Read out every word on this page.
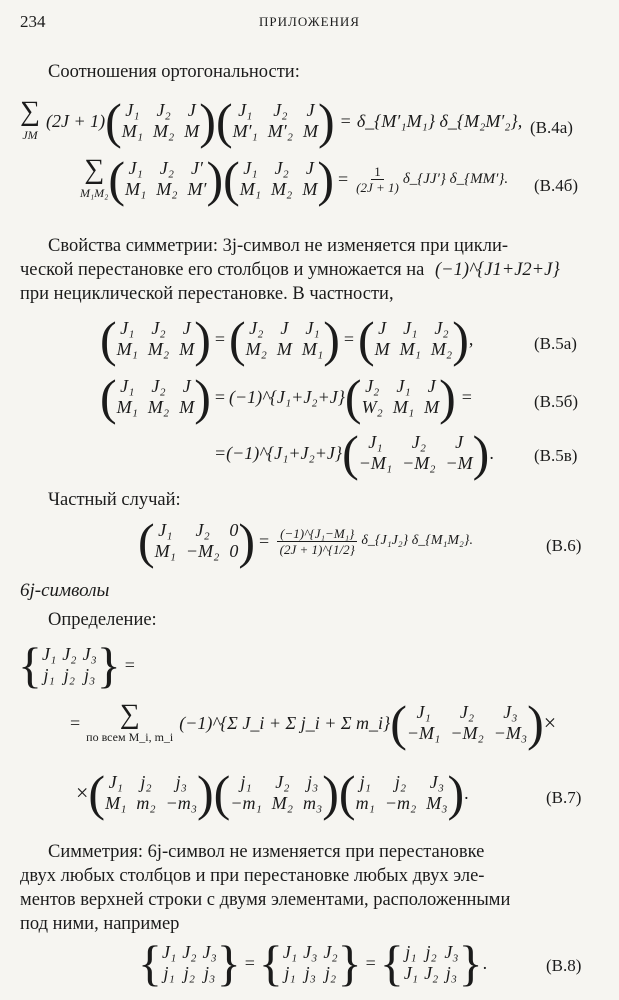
234	ПРИЛОЖЕНИЯ
Соотношения ортогональности:
∑
JM
(2J + 1) ( J₁ J₂ J
M₁ M₂ M ) ( J₁	J₂	J
M′₁ M′₂ M ) = δ_{M′₁M₁} δ_{M₂M′₂}, (В.4а)
∑
M₁M₂ ( J₁ J₂ J′
M₁ M₂ M′ ) ( J₁ J₂ J
M₁ M₂ M ) = $\frac{1}{(2J + 1)}$ δ_{JJ′} δ_{MM′}. (В.4б)
Свойства симметрии: 3j-символ не изменяется при цикли-
ческой перестановке его столбцов и умножается на (−1)^{J1+J2+J}
при нециклической перестановке. В частности,
( J₁ J₂ J
M₁ M₂ M ) = ( J₂ J J₁
M₂ M M₁ ) = ( J J₁ J₂
M M₁ M₂ ) ,	(В.5а)
( J₁ J₂ J
M₁ M₂ M ) = (−1)^{J₁+J₂+J} ( J₂ J₁ J
W₂ M₁ M ) =	(В.5б)
=(−1)^{J₁+J₂+J} ( J₁	J₂	J
−M₁ −M₂ −M ) . (В.5в)
Частный случай:
( J₁	J₂	0
M₁ −M₂ 0 ) = $\frac{\text{(−1)\textasciicircum{}\{J₁−M₁\}}}{(2J + 1)\^{}\{1/2\}}$ δ_{J₁J₂} δ_{M₁M₂}.	(В.6)
6j-символы
Определение:
{ J₁ J₂ J₃
j₁ j₂ j₃ } =
= ∑
по всем M_i, m_i
(−1)^{Σ J_i + Σ j_i + Σ m_i} ( J₁	J₂	J₃
−M₁ −M₂ −M₃ ) ×
× ( J₁ j₂	j₃
M₁ m₂ −m₃ ) ( j₁	J₂ j₃
−m₁ M₂ m₃ ) ( j₁	j₂	J₃
m₁ −m₂ M₃ ) .	(В.7)
Симметрия: 6j-символ не изменяется при перестановке
двух любых столбцов и при перестановке любых двух эле-
ментов верхней строки с двумя элементами, расположенными
под ними, например
{ J₁ J₂ J₃
j₁ j₂ j₃ } = { J₁ J₃ J₂
j₁ j₃ j₂ } = { j₁ j₂ J₃
J₁ J₂ j₃ } .	(В.8)
